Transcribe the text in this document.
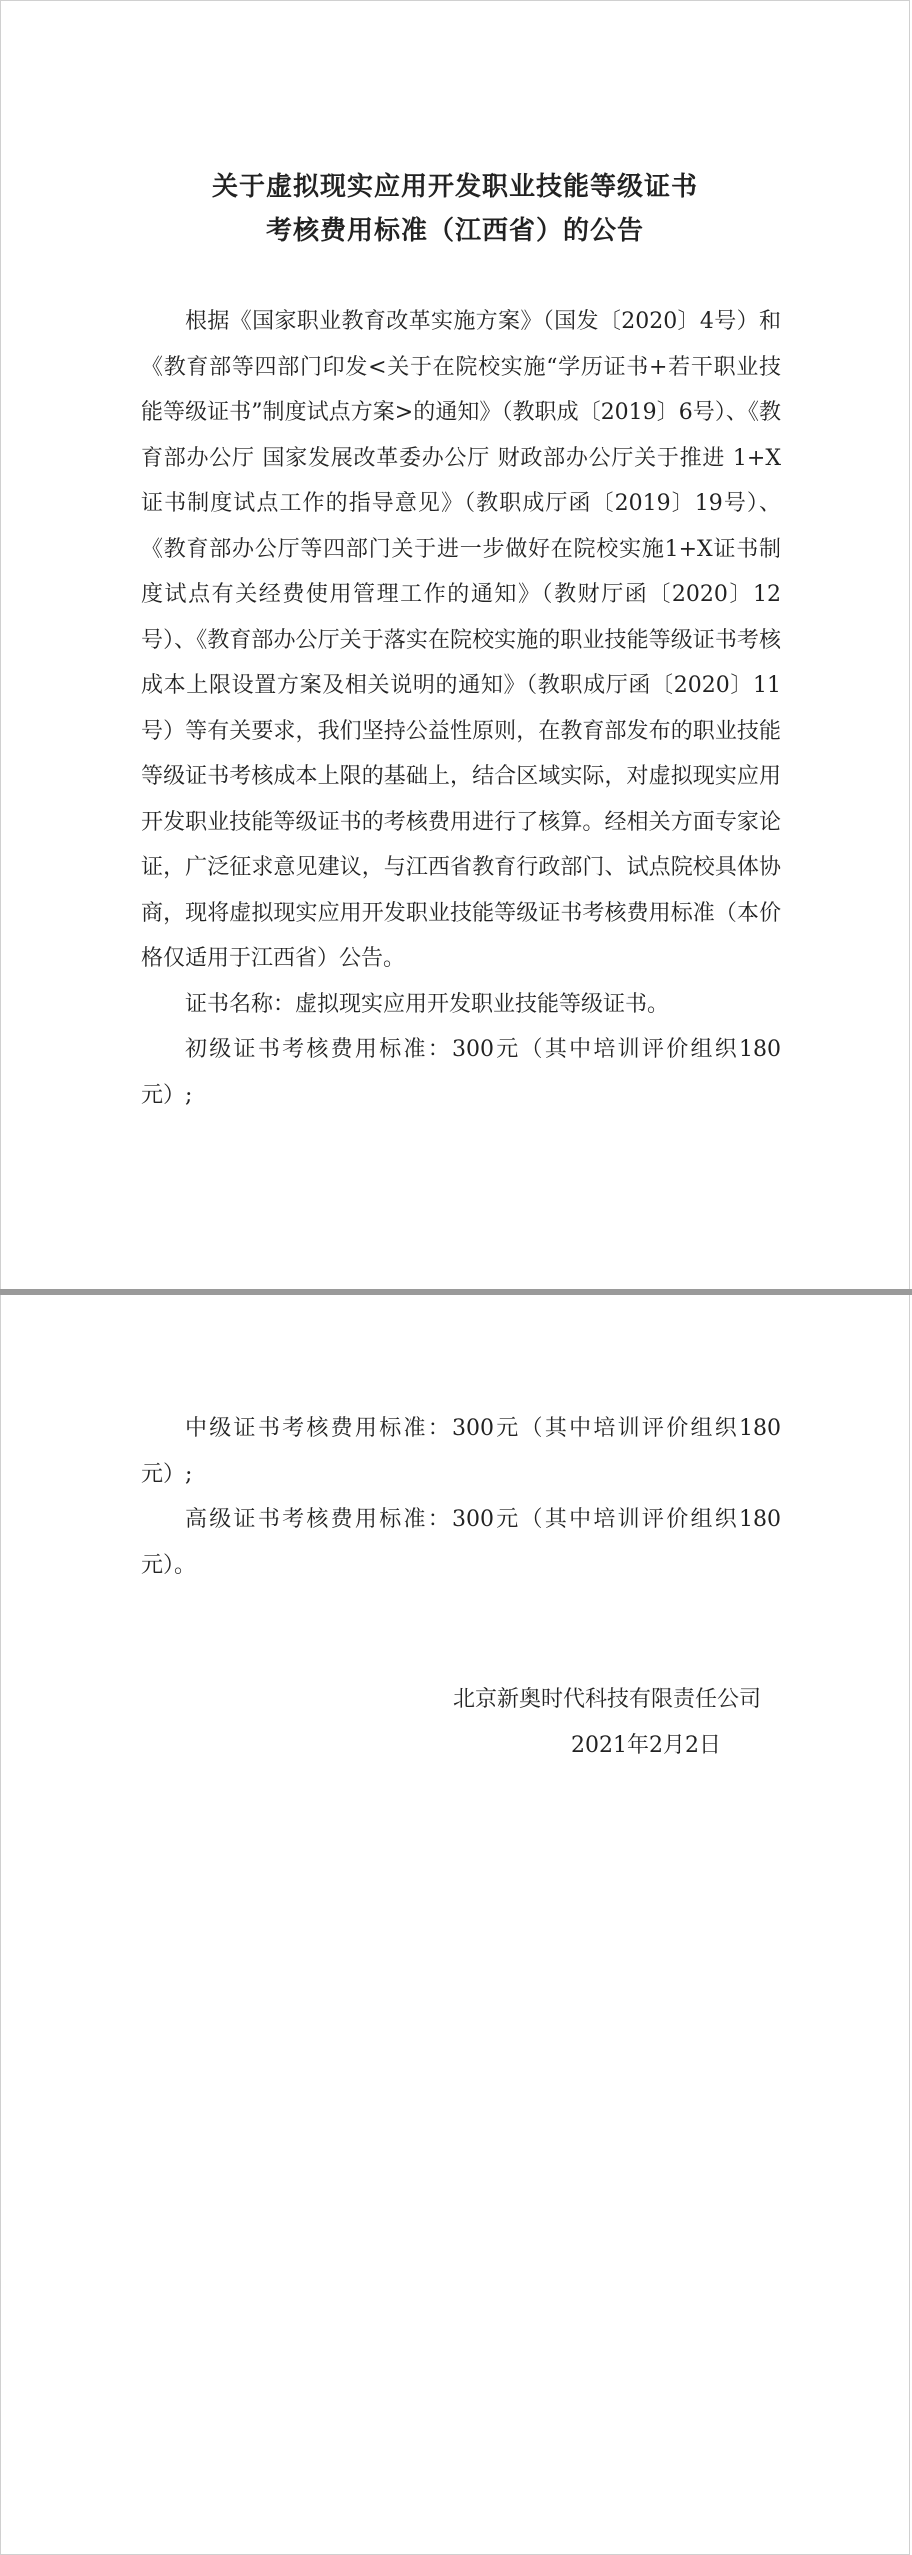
关于虚拟现实应用开发职业技能等级证书
考核费用标准（江西省）的公告

根据《国家职业教育改革实施方案》（国发〔2020〕4号）和《教育部等四部门印发<关于在院校实施“学历证书+若干职业技能等级证书”制度试点方案>的通知》（教职成〔2019〕6号）、《教育部办公厅 国家发展改革委办公厅 财政部办公厅关于推进 1+X 证书制度试点工作的指导意见》（教职成厅函〔2019〕19号）、《教育部办公厅等四部门关于进一步做好在院校实施1+X证书制度试点有关经费使用管理工作的通知》（教财厅函〔2020〕12号）、《教育部办公厅关于落实在院校实施的职业技能等级证书考核成本上限设置方案及相关说明的通知》（教职成厅函〔2020〕11号）等有关要求，我们坚持公益性原则，在教育部发布的职业技能等级证书考核成本上限的基础上，结合区域实际，对虚拟现实应用开发职业技能等级证书的考核费用进行了核算。经相关方面专家论证，广泛征求意见建议，与江西省教育行政部门、试点院校具体协商，现将虚拟现实应用开发职业技能等级证书考核费用标准（本价格仅适用于江西省）公告。

证书名称：虚拟现实应用开发职业技能等级证书。

初级证书考核费用标准：300元（其中培训评价组织180元）;

中级证书考核费用标准：300元（其中培训评价组织180元）;

高级证书考核费用标准：300元（其中培训评价组织180元）。

北京新奥时代科技有限责任公司
2021年2月2日
